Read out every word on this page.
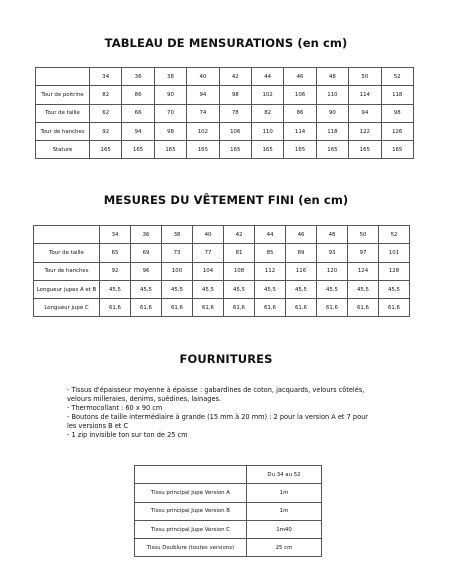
TABLEAU DE MENSURATIONS (en cm)
	34	36	38	40	42	44	46	48	50	52
Tour de poitrine	82	86	90	94	98	102	106	110	114	118
Tour de taille	62	66	70	74	78	82	86	90	94	98
Tour de hanches	92	94	98	102	106	110	114	118	122	126
Stature	165	165	165	165	165	165	165	165	165	165
MESURES DU VÊTEMENT FINI (en cm)
	34	36	38	40	42	44	46	48	50	52
Tour de taille	65	69	73	77	81	85	89	93	97	101
Tour de hanches	92	96	100	104	108	112	116	120	124	128
Longueur jupes A et B	45,5	45,5	45,5	45,5	45,5	45,5	45,5	45,5	45,5	45,5
Longueur jupe C	61,6	61,6	61,6	61,6	61,6	61,6	61,6	61,6	61,6	61,6
FOURNITURES
- Tissus d'épaisseur moyenne à épaisse : gabardines de coton, jacquards, velours côtelés,
velours milleraies, denims, suédines, lainages.
- Thermocollant : 60 x 90 cm
- Boutons de taille intermédiaire à grande (15 mm à 20 mm) : 2 pour la version A et 7 pour
les versions B et C
- 1 zip invisible ton sur ton de 25 cm
	Du 34 au 52
Tissu principal Jupe Version A	1m
Tissu principal Jupe Version B	1m
Tissu principal Jupe Version C	1m40
Tissu Doublure (toutes versions)	25 cm
